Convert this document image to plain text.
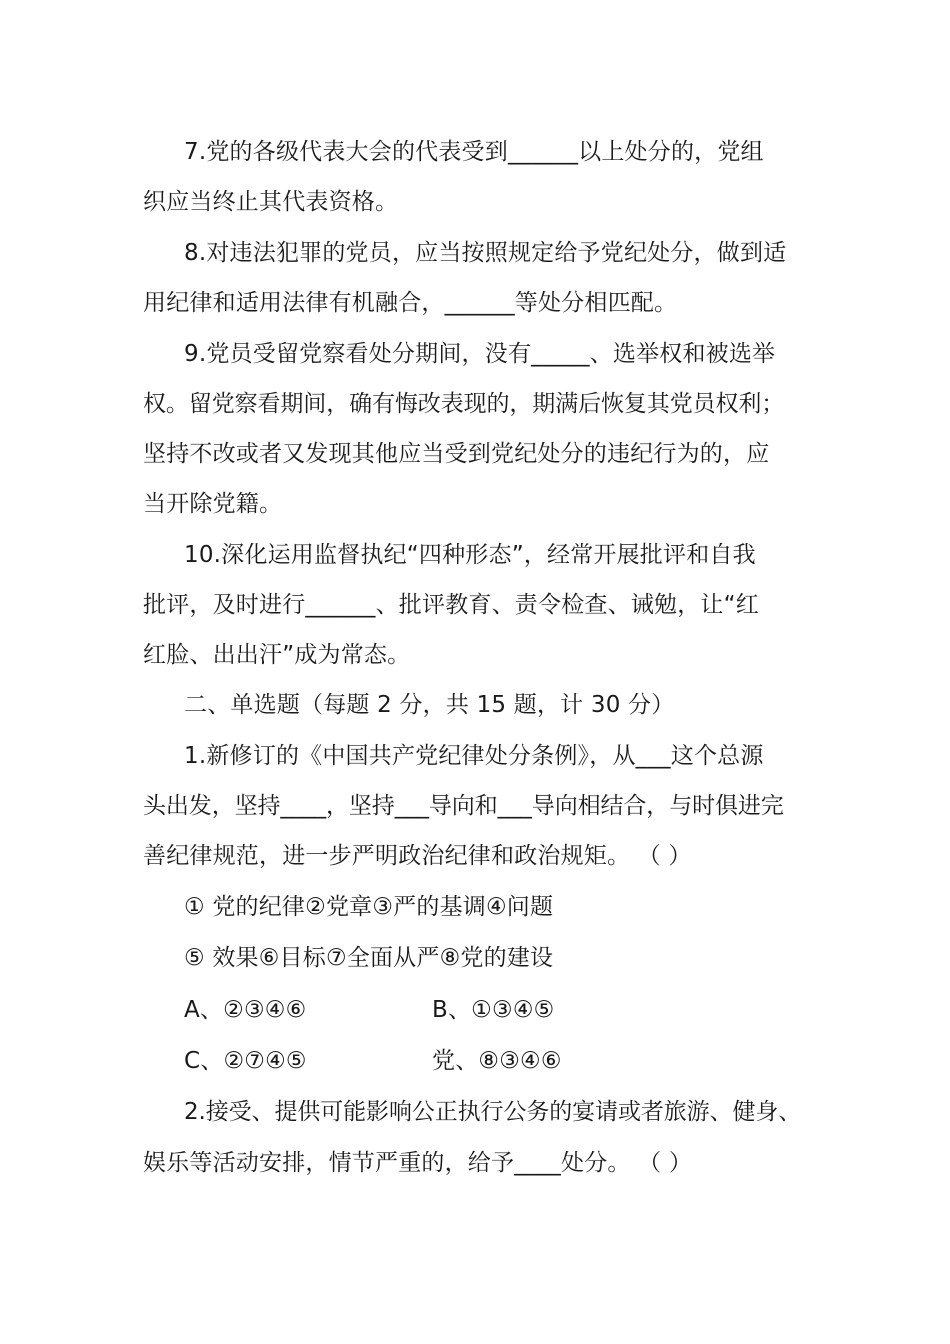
7.党的各级代表大会的代表受到______以上处分的，党组
织应当终止其代表资格。
8.对违法犯罪的党员，应当按照规定给予党纪处分，做到适
用纪律和适用法律有机融合，______等处分相匹配。
9.党员受留党察看处分期间，没有_____、选举权和被选举
权。留党察看期间，确有悔改表现的，期满后恢复其党员权利；
坚持不改或者又发现其他应当受到党纪处分的违纪行为的，应
当开除党籍。
10.深化运用监督执纪“四种形态”，经常开展批评和自我
批评，及时进行______、批评教育、责令检查、诫勉，让“红
红脸、出出汗”成为常态。
二、单选题（每题 2 分，共 15 题，计 30 分）
1.新修订的《中国共产党纪律处分条例》，从___这个总源
头出发，坚持____，坚持___导向和___导向相结合，与时俱进完
善纪律规范，进一步严明政治纪律和政治规矩。 （ ）
① 党的纪律②党章③严的基调④问题
⑤ 效果⑥目标⑦全面从严⑧党的建设
A、②③④⑥	B、①③④⑤
C、②⑦④⑤	党、⑧③④⑥
2.接受、提供可能影响公正执行公务的宴请或者旅游、健身、
娱乐等活动安排，情节严重的，给予____处分。 （ ）
